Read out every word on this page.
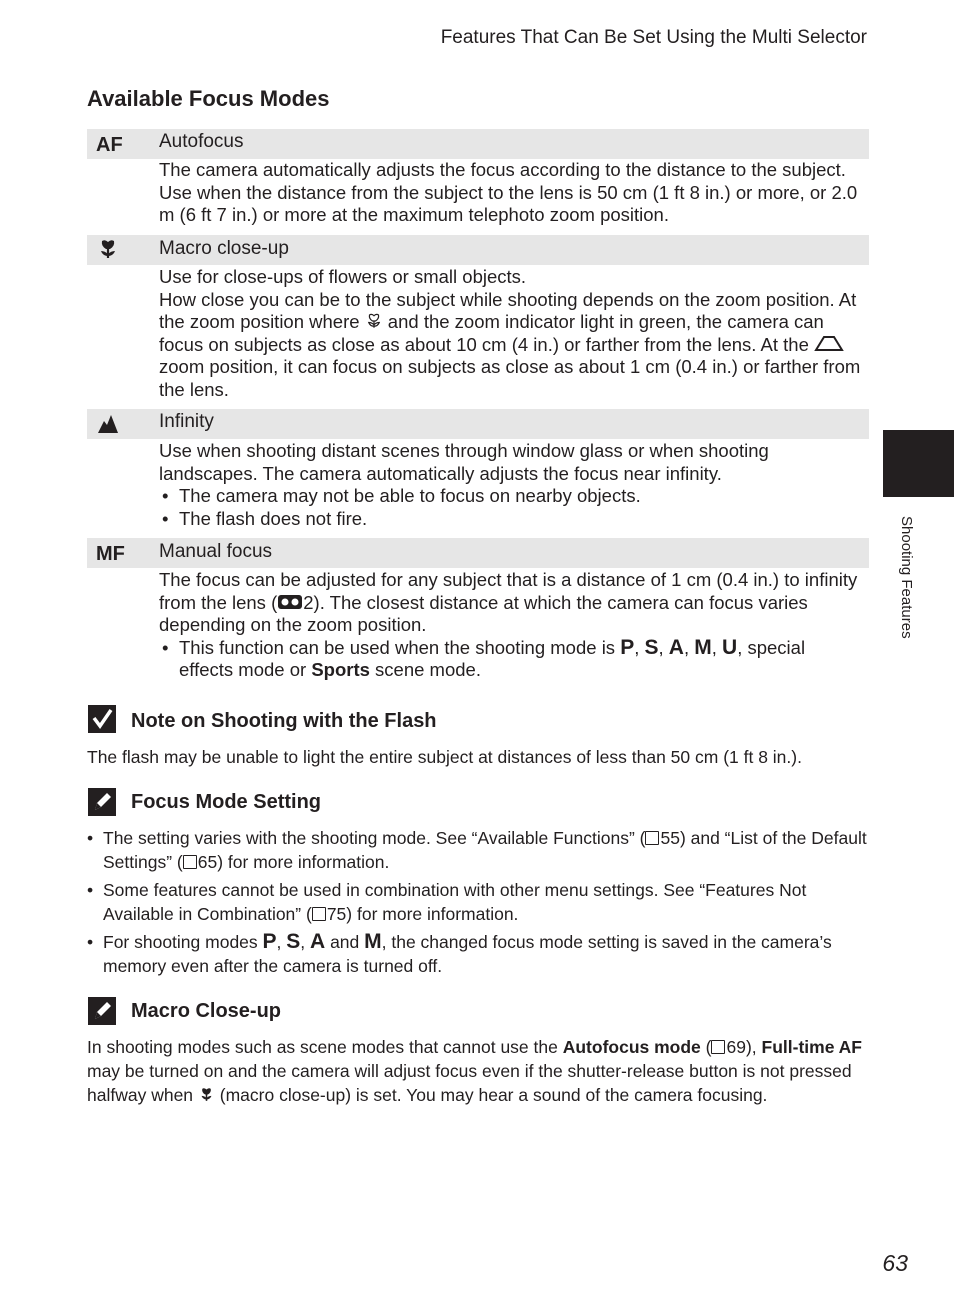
Features That Can Be Set Using the Multi Selector
Available Focus Modes
Shooting Features
AF Autofocus

The camera automatically adjusts the focus according to the distance to the subject. Use when the distance from the subject to the lens is 50 cm (1 ft 8 in.) or more, or 2.0 m (6 ft 7 in.) or more at the maximum telephoto zoom position.

Macro close-up

Use for close-ups of flowers or small objects.

How close you can be to the subject while shooting depends on the zoom position. At the zoom position where  and the zoom indicator light in green, the camera can focus on subjects as close as about 10 cm (4 in.) or farther from the lens. At the  zoom position, it can focus on subjects as close as about 1 cm (0.4 in.) or farther from the lens.

Infinity

Use when shooting distant scenes through window glass or when shooting landscapes. The camera automatically adjusts the focus near infinity.

• The camera may not be able to focus on nearby objects.

• The flash does not fire.

MF Manual focus

The focus can be adjusted for any subject that is a distance of 1 cm (0.4 in.) to infinity from the lens ( 2). The closest distance at which the camera can focus varies depending on the zoom position.

• This function can be used when the shooting mode is P, S, A, M, U, special effects mode or Sports scene mode.

Note on Shooting with the Flash

The flash may be unable to light the entire subject at distances of less than 50 cm (1 ft 8 in.).

Focus Mode Setting

• The setting varies with the shooting mode. See “Available Functions” ( 55) and “List of the Default Settings” ( 65) for more information.

• Some features cannot be used in combination with other menu settings. See “Features Not Available in Combination” ( 75) for more information.

• For shooting modes P, S, A and M, the changed focus mode setting is saved in the camera’s memory even after the camera is turned off.

Macro Close-up

In shooting modes such as scene modes that cannot use the Autofocus mode ( 69), Full-time AF may be turned on and the camera will adjust focus even if the shutter-release button is not pressed halfway when  (macro close-up) is set. You may hear a sound of the camera focusing.

63
